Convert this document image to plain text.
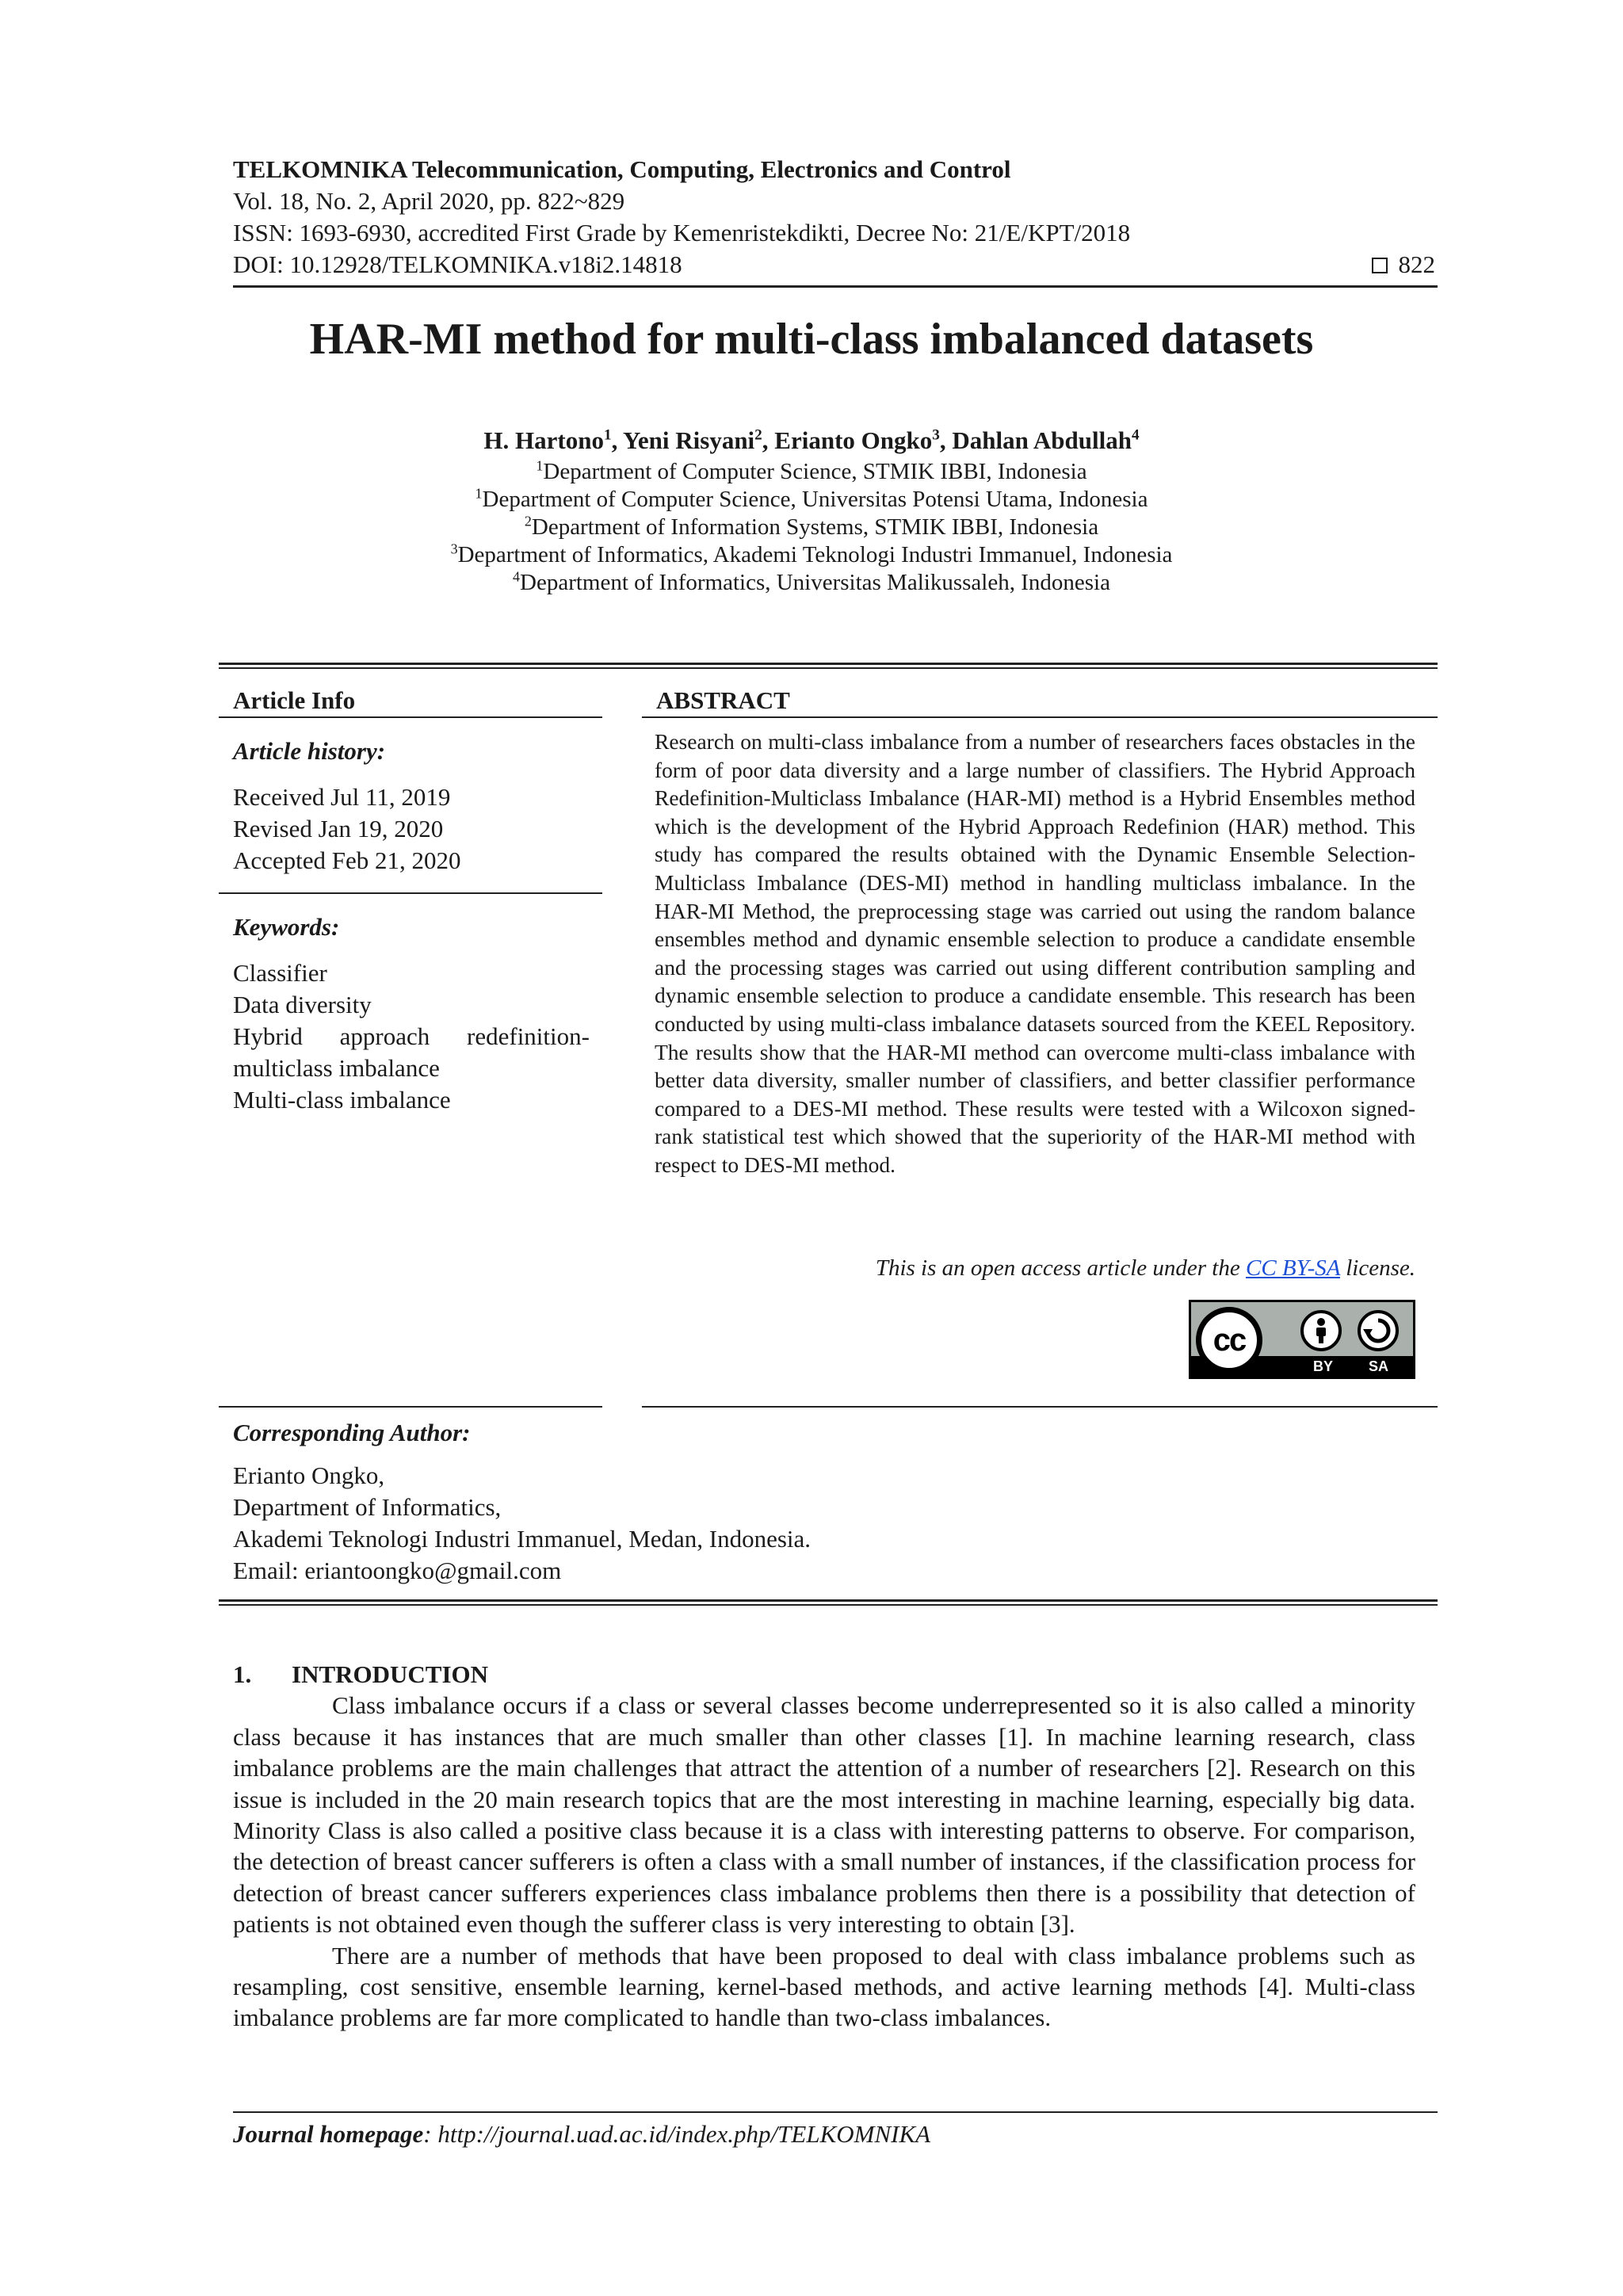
TELKOMNIKA Telecommunication, Computing, Electronics and Control
Vol. 18, No. 2, April 2020, pp. 822~829
ISSN: 1693-6930, accredited First Grade by Kemenristekdikti, Decree No: 21/E/KPT/2018
DOI: 10.12928/TELKOMNIKA.v18i2.14818	822
HAR-MI method for multi-class imbalanced datasets
H. Hartono$^1$, Yeni Risyani$^2$, Erianto Ongko$^3$, Dahlan Abdullah$^4$
$^1$Department of Computer Science, STMIK IBBI, Indonesia
$^1$Department of Computer Science, Universitas Potensi Utama, Indonesia
$^2$Department of Information Systems, STMIK IBBI, Indonesia
$^3$Department of Informatics, Akademi Teknologi Industri Immanuel, Indonesia
$^4$Department of Informatics, Universitas Malikussaleh, Indonesia
Article Info
Article history:
Received Jul 11, 2019
Revised Jan 19, 2020
Accepted Feb 21, 2020
Keywords:
Classifier
Data diversity
Hybrid approach redefinition-
multiclass imbalance
Multi-class imbalance
ABSTRACT

Research on multi-class imbalance from a number of researchers faces obstacles in the form of poor data diversity and a large number of classifiers. The Hybrid Approach Redefinition-Multiclass Imbalance (HAR-MI) method is a Hybrid Ensembles method which is the development of the Hybrid Approach Redefinion (HAR) method. This study has compared the results obtained with the Dynamic Ensemble Selection-Multiclass Imbalance (DES-MI) method in handling multiclass imbalance. In the HAR-MI Method, the preprocessing stage was carried out using the random balance ensembles method and dynamic ensemble selection to produce a candidate ensemble and the processing stages was carried out using different contribution sampling and dynamic ensemble selection to produce a candidate ensemble. This research has been conducted by using multi-class imbalance datasets sourced from the KEEL Repository. The results show that the HAR-MI method can overcome multi-class imbalance with better data diversity, smaller number of classifiers, and better classifier performance compared to a DES-MI method. These results were tested with a Wilcoxon signed-rank statistical test which showed that the superiority of the HAR-MI method with respect to DES-MI method.

This is an open access article under the CC BY-SA license.
cc
BY SA
Corresponding Author:
Erianto Ongko,
Department of Informatics,
Akademi Teknologi Industri Immanuel, Medan, Indonesia.
Email: eriantoongko@gmail.com
1. INTRODUCTION

Class imbalance occurs if a class or several classes become underrepresented so it is also called a minority class because it has instances that are much smaller than other classes [1]. In machine learning research, class imbalance problems are the main challenges that attract the attention of a number of researchers [2]. Research on this issue is included in the 20 main research topics that are the most interesting in machine learning, especially big data. Minority Class is also called a positive class because it is a class with interesting patterns to observe. For comparison, the detection of breast cancer sufferers is often a class with a small number of instances, if the classification process for detection of breast cancer sufferers experiences class imbalance problems then there is a possibility that detection of patients is not obtained even though the sufferer class is very interesting to obtain [3].

There are a number of methods that have been proposed to deal with class imbalance problems such as resampling, cost sensitive, ensemble learning, kernel-based methods, and active learning methods [4]. Multi-class imbalance problems are far more complicated to handle than two-class imbalances.

Journal homepage: http://journal.uad.ac.id/index.php/TELKOMNIKA
